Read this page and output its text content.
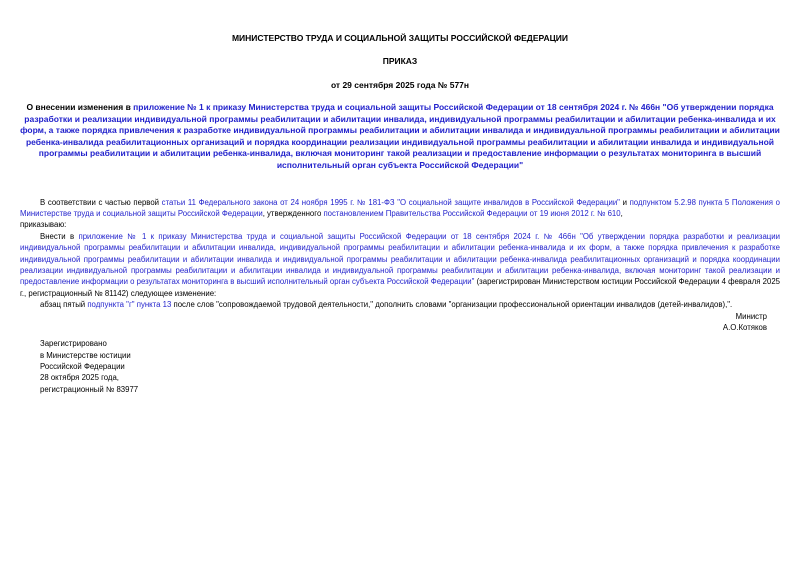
МИНИСТЕРСТВО ТРУДА И СОЦИАЛЬНОЙ ЗАЩИТЫ РОССИЙСКОЙ ФЕДЕРАЦИИ
ПРИКАЗ
от 29 сентября 2025 года № 577н
О внесении изменения в приложение № 1 к приказу Министерства труда и социальной защиты Российской Федерации от 18 сентября 2024 г. № 466н "Об утверждении порядка разработки и реализации индивидуальной программы реабилитации и абилитации инвалида, индивидуальной программы реабилитации и абилитации ребенка-инвалида и их форм, а также порядка привлечения к разработке индивидуальной программы реабилитации и абилитации инвалида и индивидуальной программы реабилитации и абилитации ребенка-инвалида реабилитационных организаций и порядка координации реализации индивидуальной программы реабилитации и абилитации инвалида и индивидуальной программы реабилитации и абилитации ребенка-инвалида, включая мониторинг такой реализации и предоставление информации о результатах мониторинга в высший исполнительный орган субъекта Российской Федерации"

В соответствии с частью первой статьи 11 Федерального закона от 24 ноября 1995 г. № 181-ФЗ "О социальной защите инвалидов в Российской Федерации" и подпунктом 5.2.98 пункта 5 Положения о Министерстве труда и социальной защиты Российской Федерации, утвержденного постановлением Правительства Российской Федерации от 19 июня 2012 г. № 610,

приказываю:

Внести в приложение № 1 к приказу Министерства труда и социальной защиты Российской Федерации от 18 сентября 2024 г. № 466н "Об утверждении порядка разработки и реализации индивидуальной программы реабилитации и абилитации инвалида, индивидуальной программы реабилитации и абилитации ребенка-инвалида и их форм, а также порядка привлечения к разработке индивидуальной программы реабилитации и абилитации инвалида и индивидуальной программы реабилитации и абилитации ребенка-инвалида реабилитационных организаций и порядка координации реализации индивидуальной программы реабилитации и абилитации инвалида и индивидуальной программы реабилитации и абилитации ребенка-инвалида, включая мониторинг такой реализации и предоставление информации о результатах мониторинга в высший исполнительный орган субъекта Российской Федерации" (зарегистрирован Министерством юстиции Российской Федерации 4 февраля 2025 г., регистрационный № 81142) следующее изменение:

абзац пятый подпункта "г" пункта 13 после слов "сопровождаемой трудовой деятельности," дополнить словами "организации профессиональной ориентации инвалидов (детей-инвалидов),".

Министр
А.О.Котяков
Зарегистрировано
в Министерстве юстиции
Российской Федерации
28 октября 2025 года,
регистрационный № 83977
